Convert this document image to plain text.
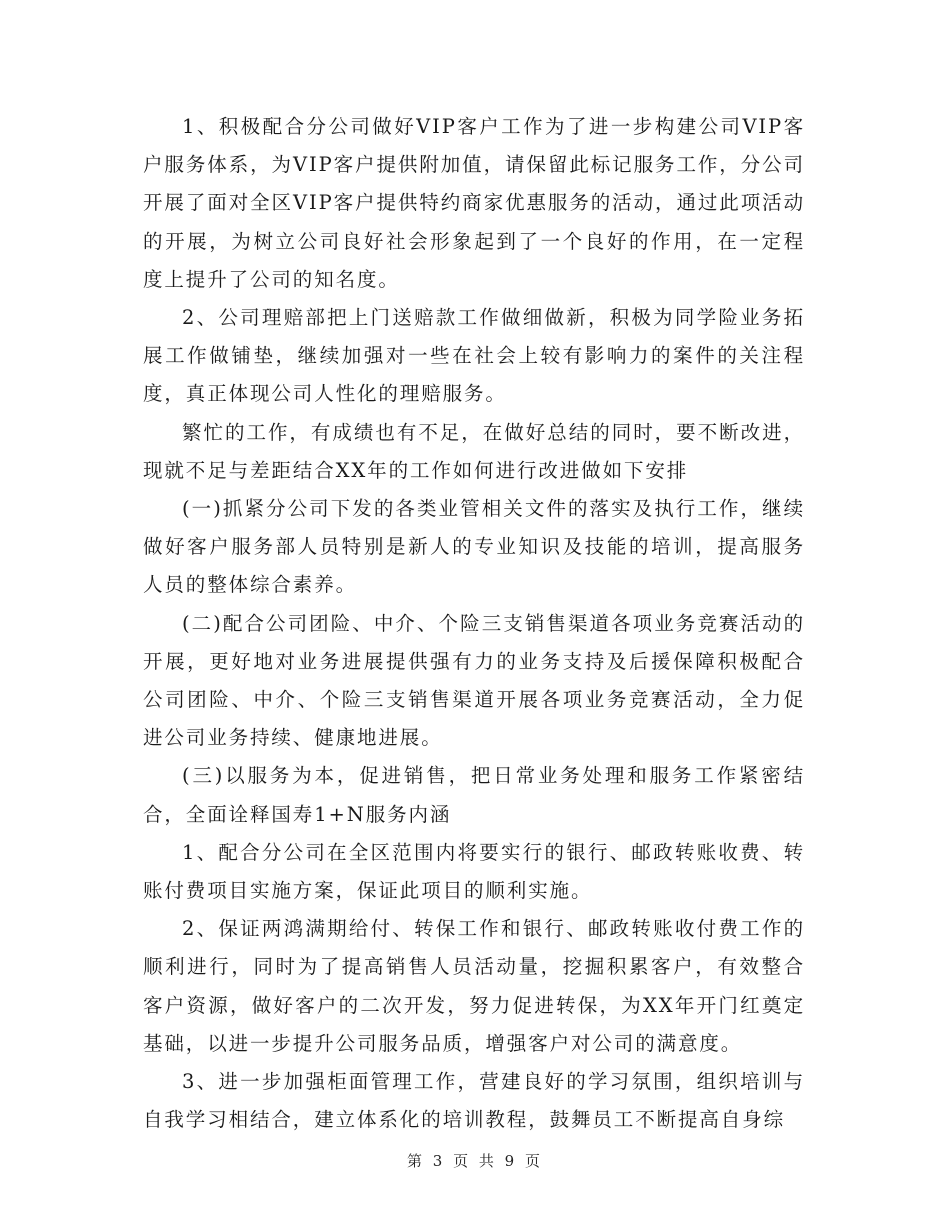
1、积极配合分公司做好VIP客户工作为了进一步构建公司VIP客户服务体系，为VIP客户提供附加值，请保留此标记服务工作，分公司开展了面对全区VIP客户提供特约商家优惠服务的活动，通过此项活动的开展，为树立公司良好社会形象起到了一个良好的作用，在一定程度上提升了公司的知名度。

2、公司理赔部把上门送赔款工作做细做新，积极为同学险业务拓展工作做铺垫，继续加强对一些在社会上较有影响力的案件的关注程度，真正体现公司人性化的理赔服务。

繁忙的工作，有成绩也有不足，在做好总结的同时，要不断改进，现就不足与差距结合XX年的工作如何进行改进做如下安排

(一)抓紧分公司下发的各类业管相关文件的落实及执行工作，继续做好客户服务部人员特别是新人的专业知识及技能的培训，提高服务人员的整体综合素养。

(二)配合公司团险、中介、个险三支销售渠道各项业务竞赛活动的开展，更好地对业务进展提供强有力的业务支持及后援保障积极配合公司团险、中介、个险三支销售渠道开展各项业务竞赛活动，全力促进公司业务持续、健康地进展。

(三)以服务为本，促进销售，把日常业务处理和服务工作紧密结合，全面诠释国寿1+N服务内涵

1、配合分公司在全区范围内将要实行的银行、邮政转账收费、转账付费项目实施方案，保证此项目的顺利实施。

2、保证两鸿满期给付、转保工作和银行、邮政转账收付费工作的顺利进行，同时为了提高销售人员活动量，挖掘积累客户，有效整合客户资源，做好客户的二次开发，努力促进转保，为XX年开门红奠定基础，以进一步提升公司服务品质，增强客户对公司的满意度。

3、进一步加强柜面管理工作，营建良好的学习氛围，组织培训与自我学习相结合，建立体系化的培训教程，鼓舞员工不断提高自身综

第 3 页 共 9 页
